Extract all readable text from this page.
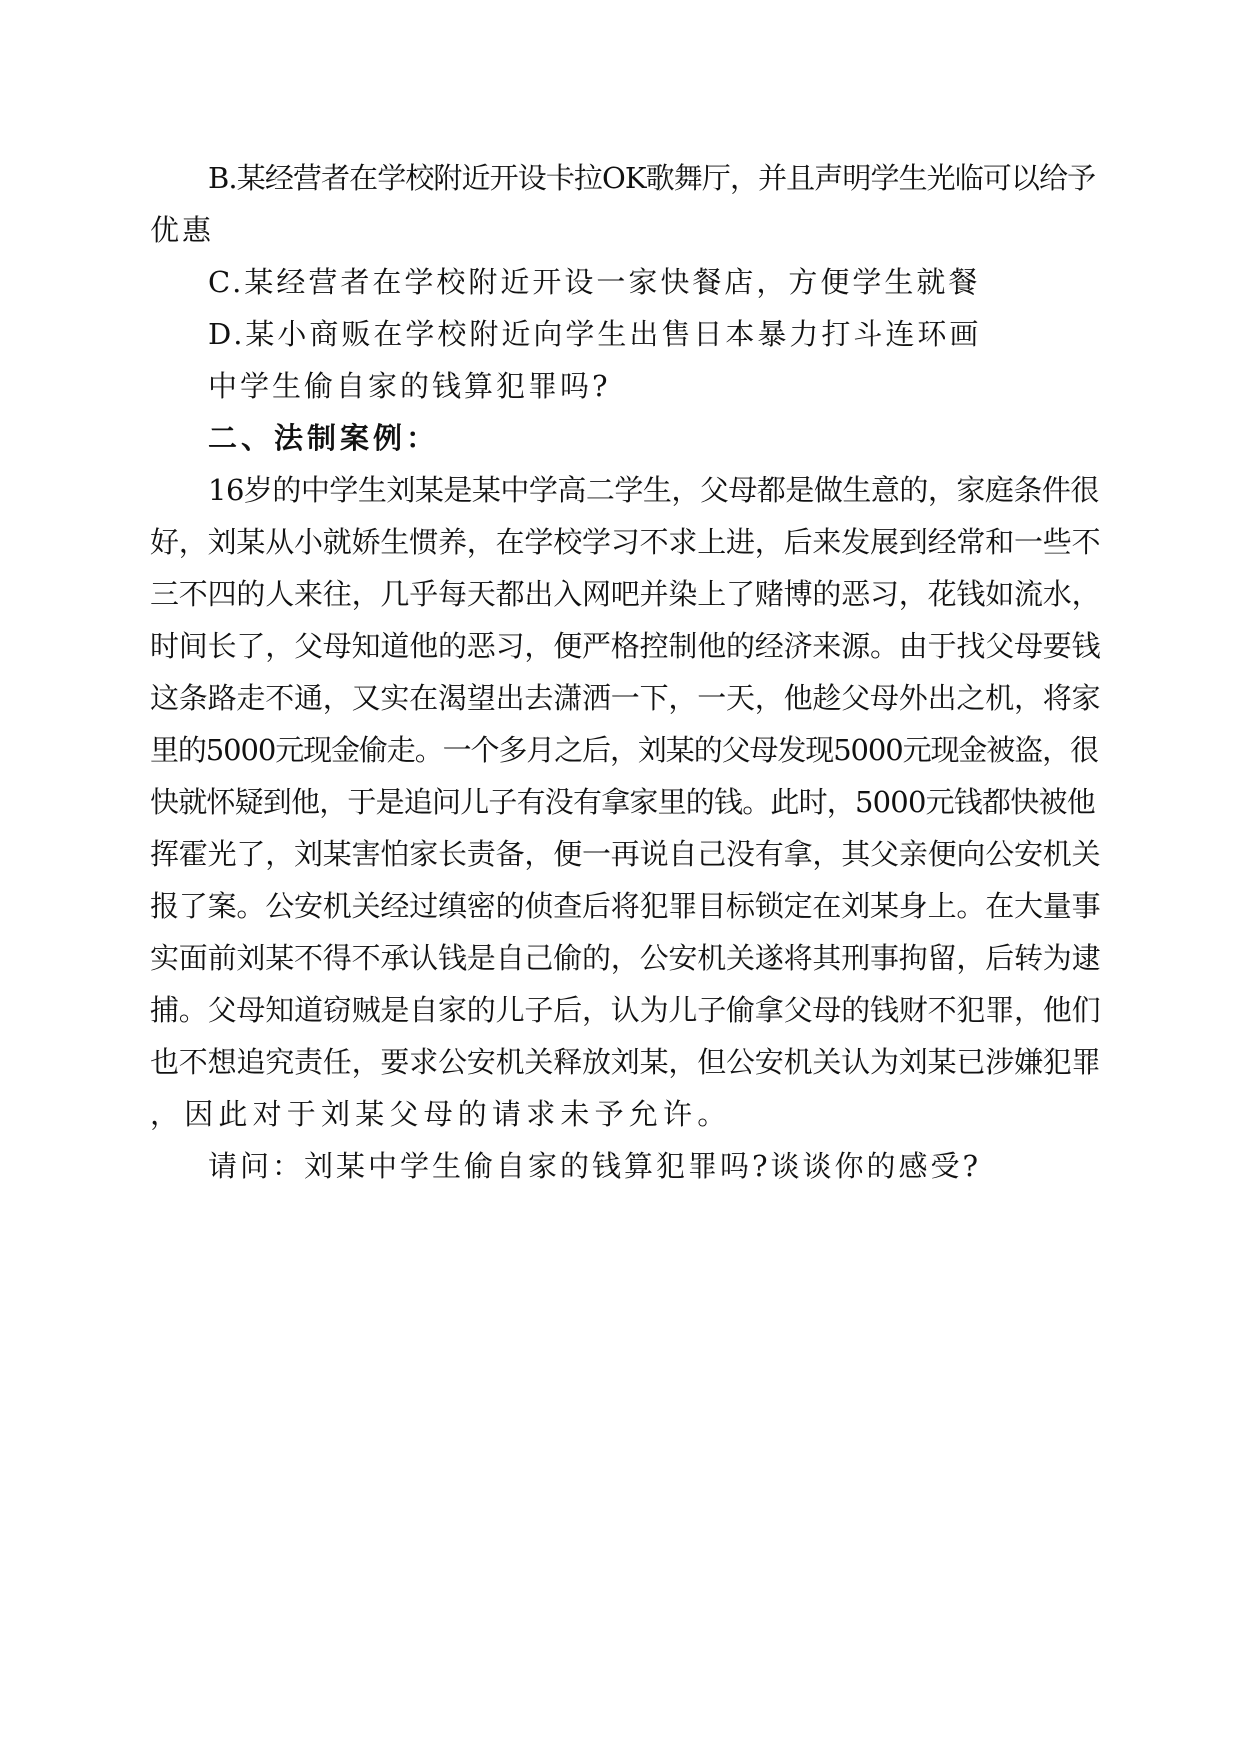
B.某经营者在学校附近开设卡拉OK歌舞厅，并且声明学生光临可以给予
优惠
C.某经营者在学校附近开设一家快餐店，方便学生就餐
D.某小商贩在学校附近向学生出售日本暴力打斗连环画
中学生偷自家的钱算犯罪吗?
二、法制案例：
16岁的中学生刘某是某中学高二学生，父母都是做生意的，家庭条件很
好，刘某从小就娇生惯养，在学校学习不求上进，后来发展到经常和一些不
三不四的人来往，几乎每天都出入网吧并染上了赌博的恶习，花钱如流水，
时间长了，父母知道他的恶习，便严格控制他的经济来源。由于找父母要钱
这条路走不通，又实在渴望出去潇洒一下，一天，他趁父母外出之机，将家
里的5000元现金偷走。一个多月之后，刘某的父母发现5000元现金被盗，很
快就怀疑到他，于是追问儿子有没有拿家里的钱。此时，5000元钱都快被他
挥霍光了，刘某害怕家长责备，便一再说自己没有拿，其父亲便向公安机关
报了案。公安机关经过缜密的侦查后将犯罪目标锁定在刘某身上。在大量事
实面前刘某不得不承认钱是自己偷的，公安机关遂将其刑事拘留，后转为逮
捕。父母知道窃贼是自家的儿子后，认为儿子偷拿父母的钱财不犯罪，他们
也不想追究责任，要求公安机关释放刘某，但公安机关认为刘某已涉嫌犯罪
，因此对于刘某父母的请求未予允许。
请问：刘某中学生偷自家的钱算犯罪吗?谈谈你的感受?
